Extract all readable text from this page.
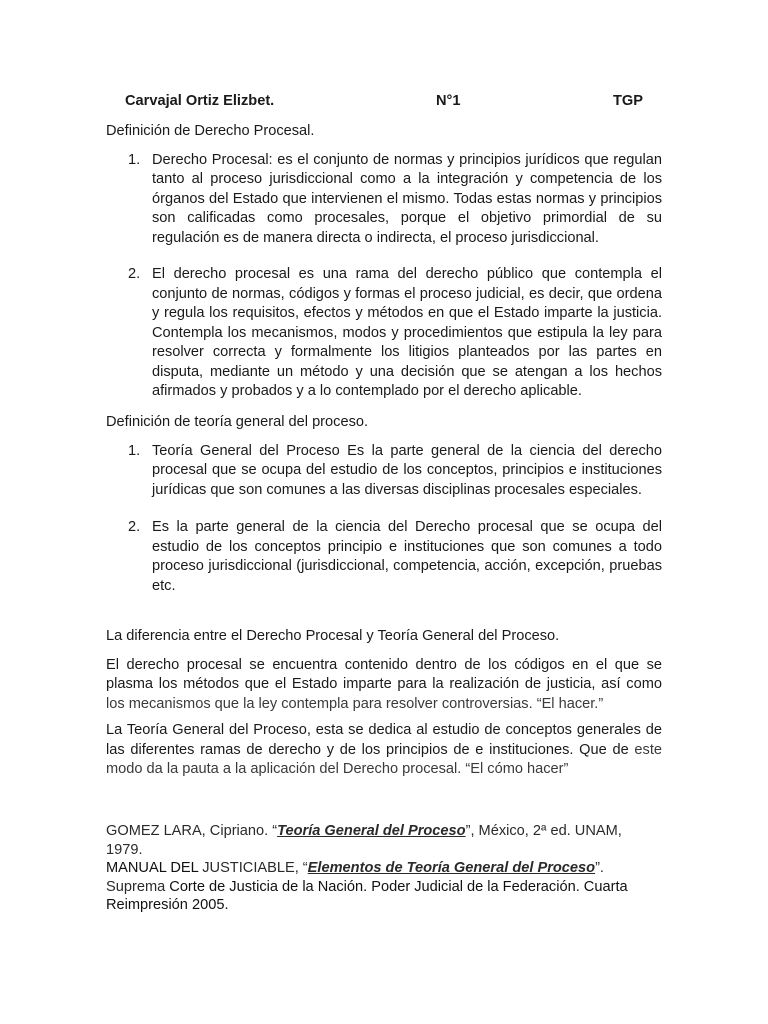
Carvajal Ortiz Elizbet.	N°1	TGP
Definición de Derecho Procesal.
1. Derecho Procesal: es el conjunto de normas y principios jurídicos que regulan tanto al proceso jurisdiccional como a la integración y competencia de los órganos del Estado que intervienen el mismo. Todas estas normas y principios son calificadas como procesales, porque el objetivo primordial de su regulación es de manera directa o indirecta, el proceso jurisdiccional.
2. El derecho procesal es una rama del derecho público que contempla el conjunto de normas, códigos y formas el proceso judicial, es decir, que ordena y regula los requisitos, efectos y métodos en que el Estado imparte la justicia. Contempla los mecanismos, modos y procedimientos que estipula la ley para resolver correcta y formalmente los litigios planteados por las partes en disputa, mediante un método y una decisión que se atengan a los hechos afirmados y probados y a lo contemplado por el derecho aplicable.
Definición de teoría general del proceso.
1. Teoría General del Proceso Es la parte general de la ciencia del derecho procesal que se ocupa del estudio de los conceptos, principios e instituciones jurídicas que son comunes a las diversas disciplinas procesales especiales.
2. Es la parte general de la ciencia del Derecho procesal que se ocupa del estudio de los conceptos principio e instituciones que son comunes a todo proceso jurisdiccional (jurisdiccional, competencia, acción, excepción, pruebas etc.
La diferencia entre el Derecho Procesal y Teoría General del Proceso.
El derecho procesal se encuentra contenido dentro de los códigos en el que se plasma los métodos que el Estado imparte para la realización de justicia, así como los mecanismos que la ley contempla para resolver controversias. “El hacer.”
La Teoría General del Proceso, esta se dedica al estudio de conceptos generales de las diferentes ramas de derecho y de los principios de e instituciones. Que de este modo da la pauta a la aplicación del Derecho procesal. “El cómo hacer”
GOMEZ LARA, Cipriano. “Teoría General del Proceso”, México, 2ª ed. UNAM, 1979.
MANUAL DEL JUSTICIABLE, “Elementos de Teoría General del Proceso”. Suprema Corte de Justicia de la Nación. Poder Judicial de la Federación. Cuarta Reimpresión 2005.
